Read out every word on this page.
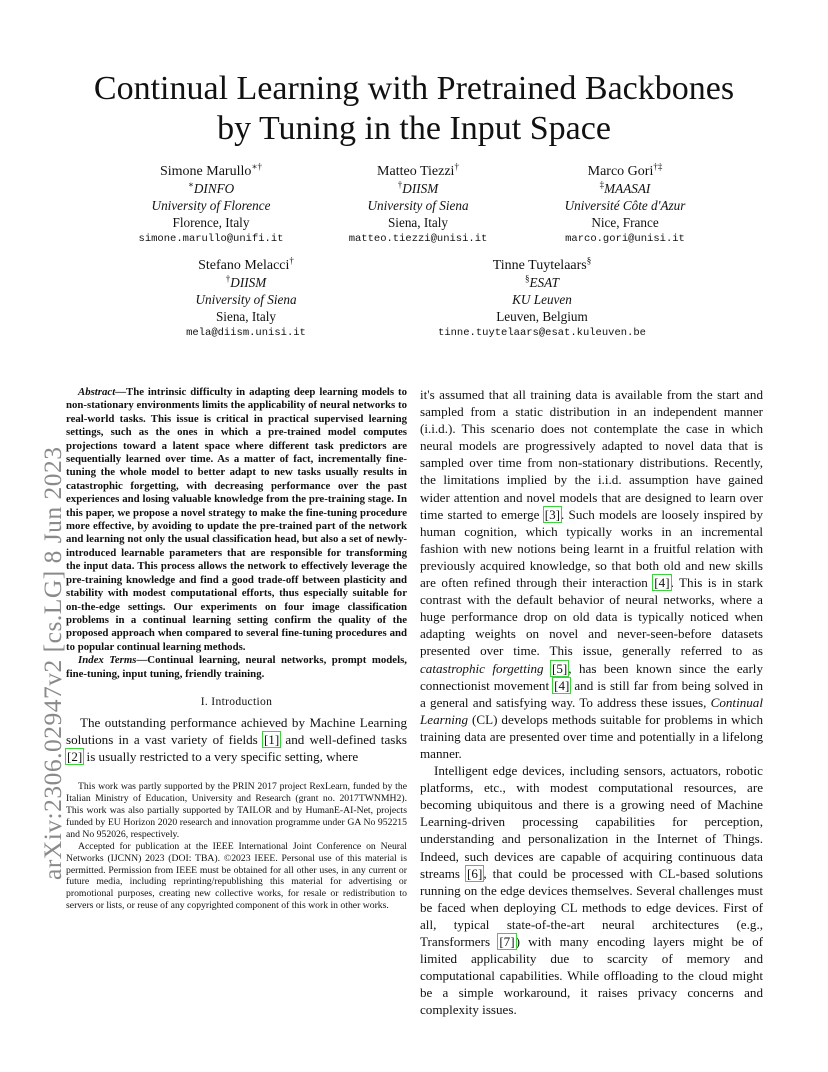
arXiv:2306.02947v2 [cs.LG] 8 Jun 2023
Continual Learning with Pretrained Backbones
by Tuning in the Input Space
Simone Marullo∗†
∗DINFO
University of Florence
Florence, Italy
simone.marullo@unifi.it
Matteo Tiezzi†
†DIISM
University of Siena
Siena, Italy
matteo.tiezzi@unisi.it
Marco Gori†‡
‡MAASAI
Université Côte d'Azur
Nice, France
marco.gori@unisi.it
Stefano Melacci†
†DIISM
University of Siena
Siena, Italy
mela@diism.unisi.it
Tinne Tuytelaars§
§ESAT
KU Leuven
Leuven, Belgium
tinne.tuytelaars@esat.kuleuven.be

Abstract—The intrinsic difficulty in adapting deep learning models to non-stationary environments limits the applicability of neural networks to real-world tasks. This issue is critical in practical supervised learning settings, such as the ones in which a pre-trained model computes projections toward a latent space where different task predictors are sequentially learned over time. As a matter of fact, incrementally fine-tuning the whole model to better adapt to new tasks usually results in catastrophic forgetting, with decreasing performance over the past experiences and losing valuable knowledge from the pre-training stage. In this paper, we propose a novel strategy to make the fine-tuning procedure more effective, by avoiding to update the pre-trained part of the network and learning not only the usual classification head, but also a set of newly-introduced learnable parameters that are responsible for transforming the input data. This process allows the network to effectively leverage the pre-training knowledge and find a good trade-off between plasticity and stability with modest computational efforts, thus especially suitable for on-the-edge settings. Our experiments on four image classification problems in a continual learning setting confirm the quality of the proposed approach when compared to several fine-tuning procedures and to popular continual learning methods.

Index Terms—Continual learning, neural networks, prompt models, fine-tuning, input tuning, friendly training.

I. Introduction

The outstanding performance achieved by Machine Learning solutions in a vast variety of fields [1] and well-defined tasks [2] is usually restricted to a very specific setting, where

This work was partly supported by the PRIN 2017 project RexLearn, funded by the Italian Ministry of Education, University and Research (grant no. 2017TWNMH2). This work was also partially supported by TAILOR and by HumanE-AI-Net, projects funded by EU Horizon 2020 research and innovation programme under GA No 952215 and No 952026, respectively.

Accepted for publication at the IEEE International Joint Conference on Neural Networks (IJCNN) 2023 (DOI: TBA). ©2023 IEEE. Personal use of this material is permitted. Permission from IEEE must be obtained for all other uses, in any current or future media, including reprinting/republishing this material for advertising or promotional purposes, creating new collective works, for resale or redistribution to servers or lists, or reuse of any copyrighted component of this work in other works.

it's assumed that all training data is available from the start and sampled from a static distribution in an independent manner (i.i.d.). This scenario does not contemplate the case in which neural models are progressively adapted to novel data that is sampled over time from non-stationary distributions. Recently, the limitations implied by the i.i.d. assumption have gained wider attention and novel models that are designed to learn over time started to emerge [3]. Such models are loosely inspired by human cognition, which typically works in an incremental fashion with new notions being learnt in a fruitful relation with previously acquired knowledge, so that both old and new skills are often refined through their interaction [4]. This is in stark contrast with the default behavior of neural networks, where a huge performance drop on old data is typically noticed when adapting weights on novel and never-seen-before datasets presented over time. This issue, generally referred to as catastrophic forgetting [5], has been known since the early connectionist movement [4] and is still far from being solved in a general and satisfying way. To address these issues, Continual Learning (CL) develops methods suitable for problems in which training data are presented over time and potentially in a lifelong manner.

Intelligent edge devices, including sensors, actuators, robotic platforms, etc., with modest computational resources, are becoming ubiquitous and there is a growing need of Machine Learning-driven processing capabilities for perception, understanding and personalization in the Internet of Things. Indeed, such devices are capable of acquiring continuous data streams [6], that could be processed with CL-based solutions running on the edge devices themselves. Several challenges must be faced when deploying CL methods to edge devices. First of all, typical state-of-the-art neural architectures (e.g., Transformers [7]) with many encoding layers might be of limited applicability due to scarcity of memory and computational capabilities. While offloading to the cloud might be a simple workaround, it raises privacy concerns and complexity issues.
